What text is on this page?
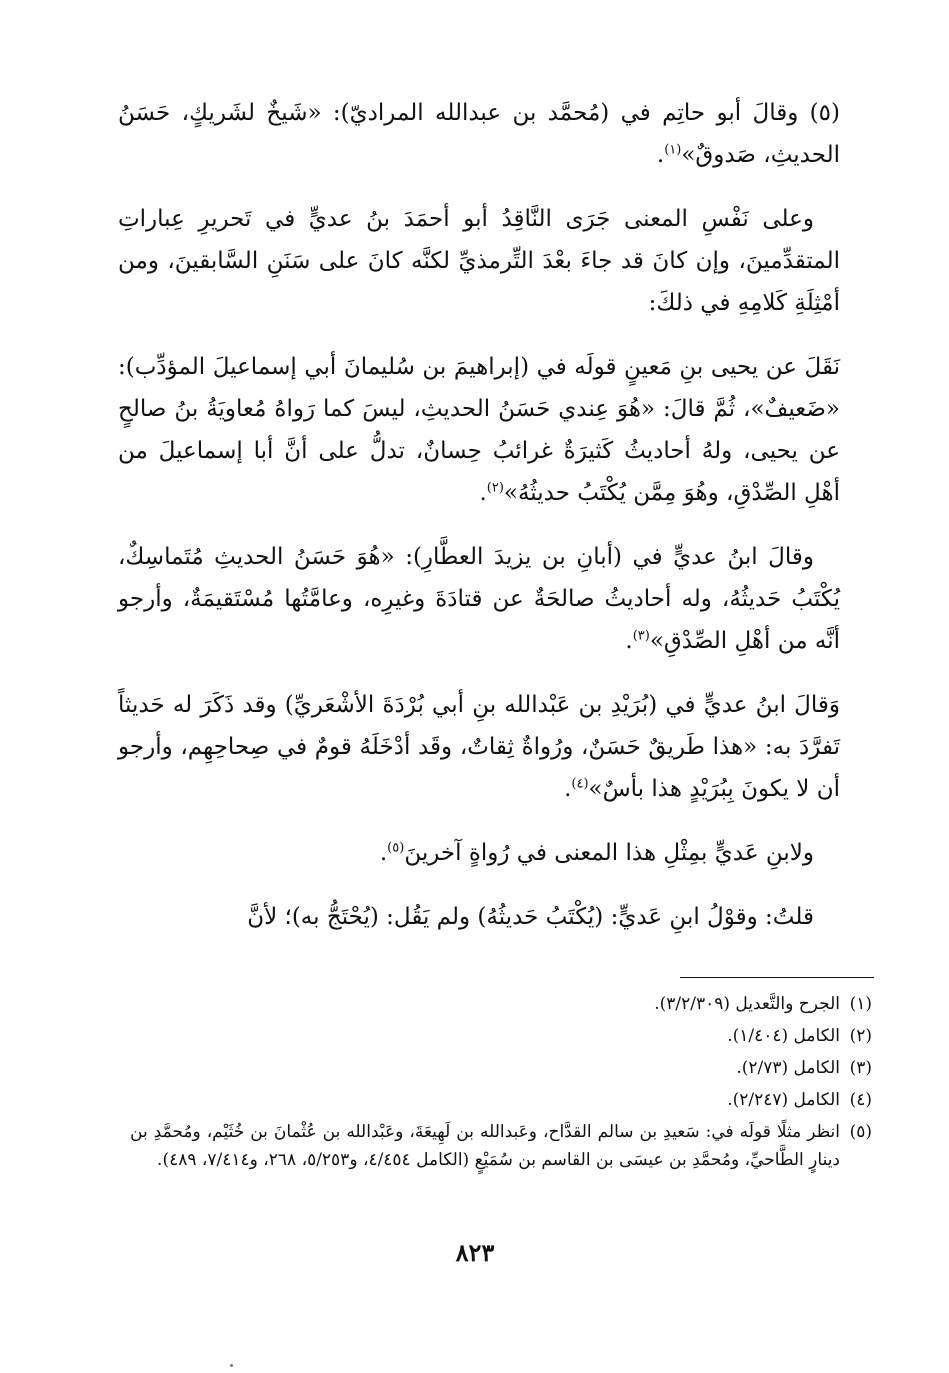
(٥) وقالَ أبو حاتِم في (مُحمَّد بن عبدالله المراديّ): «شَيخٌ لشَريكٍ، حَسَنُ الحديثِ، صَدوقٌ»$^{(١)}$.

وعلى نَفْسِ المعنى جَرَى النَّاقِدُ أبو أحمَدَ بنُ عديٍّ في تَحريرِ عِباراتِ المتقدِّمينَ، وإن كانَ قد جاءَ بعْدَ التِّرمذيِّ لكنَّه كانَ على سَنَنِ السَّابقينَ، ومن أمْثِلَةِ كَلامِهِ في ذلكَ:

نَقَلَ عن يحيى بنِ مَعينٍ قولَه في (إبراهيمَ بن سُليمانَ أبي إسماعيلَ المؤدِّب): «ضَعيفٌ»، ثُمَّ قالَ: «هُوَ عِندي حَسَنُ الحديثِ، ليسَ كما رَواهُ مُعاويَةُ بنُ صالحٍ عن يحيى، ولهُ أحاديثُ كَثيرَةٌ غرائبُ حِسانٌ، تدلُّ على أنَّ أبا إسماعيلَ من أهْلِ الصِّدْقِ، وهُوَ مِمَّن يُكْتَبُ حديثُهُ»$^{(٢)}$.

وقالَ ابنُ عديٍّ في (أبانِ بن يزيدَ العطَّارِ): «هُوَ حَسَنُ الحديثِ مُتَماسِكٌ، يُكْتَبُ حَديثُهُ، وله أحاديثُ صالحَةٌ عن قتادَةَ وغيرِه، وعامَّتُها مُسْتَقيمَةٌ، وأرجو أنَّه من أهْلِ الصِّدْقِ»$^{(٣)}$.

وَقالَ ابنُ عديٍّ في (بُرَيْدِ بن عَبْدالله بنِ أبي بُرْدَةَ الأشْعَريِّ) وقد ذَكَرَ له حَديثاً تَفرَّدَ به: «هذا طَريقٌ حَسَنٌ، ورُواةٌ ثِقاتٌ، وقَد أدْخَلَهُ قومٌ في صِحاحِهِم، وأرجو أن لا يكونَ بِبُرَيْدٍ هذا بأسٌ»$^{(٤)}$.

ولابنِ عَديٍّ بمِثْلِ هذا المعنى في رُواةٍ آخرينَ$^{(٥)}$.

قلتُ: وقوْلُ ابنِ عَديٍّ: (يُكْتَبُ حَديثُهُ) ولم يَقُل: (يُحْتَجُّ به)؛ لأنَّ

(١)
الجرح والتَّعديل (٣/٢/٣٠٩).
(٢)
الكامل (١/٤٠٤).
(٣)
الكامل (٢/٧٣).
(٤)
الكامل (٢/٢٤٧).
(٥)
انظر مثلًا قولَه في: سَعيدِ بن سالم القدَّاح، وعَبدالله بن لَهِيعَةَ، وعَبْدالله بن عُثْمانَ بن خُثَيْم، ومُحمَّدِ بن دينارٍ الطَّاحيِّ، ومُحمَّدِ بن عيسَى بن القاسم بن سُمَيْعٍ (الكامل ٤/٤٥٤، و٥/٢٥٣، ٢٦٨، و٧/٤١٤، ٤٨٩).
٨٢٣
